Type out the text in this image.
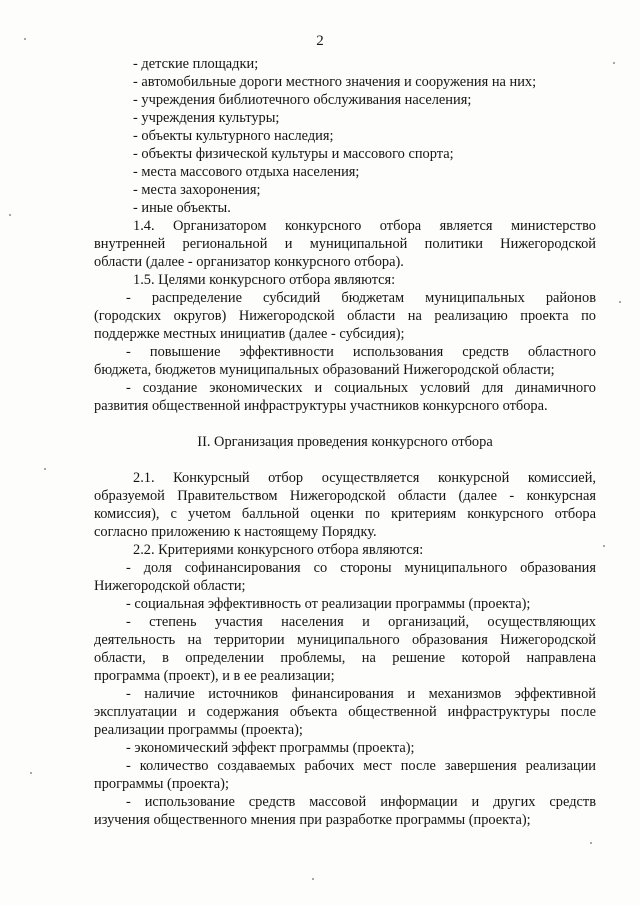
2
- детские площадки;
- автомобильные дороги местного значения и сооружения на них;
- учреждения библиотечного обслуживания населения;
- учреждения культуры;
- объекты культурного наследия;
- объекты физической культуры и массового спорта;
- места массового отдыха населения;
- места захоронения;
- иные объекты.
1.4. Организатором конкурсного отбора является министерство
внутренней региональной и муниципальной политики Нижегородской
области (далее - организатор конкурсного отбора).
1.5. Целями конкурсного отбора являются:
- распределение субсидий бюджетам муниципальных районов
(городских округов) Нижегородской области на реализацию проекта по
поддержке местных инициатив (далее - субсидия);
- повышение эффективности использования средств областного
бюджета, бюджетов муниципальных образований Нижегородской области;
- создание экономических и социальных условий для динамичного
развития общественной инфраструктуры участников конкурсного отбора.
II. Организация проведения конкурсного отбора
2.1. Конкурсный отбор осуществляется конкурсной комиссией,
образуемой Правительством Нижегородской области (далее - конкурсная
комиссия), с учетом балльной оценки по критериям конкурсного отбора
согласно приложению к настоящему Порядку.
2.2. Критериями конкурсного отбора являются:
- доля софинансирования со стороны муниципального образования
Нижегородской области;
- социальная эффективность от реализации программы (проекта);
- степень участия населения и организаций, осуществляющих
деятельность на территории муниципального образования Нижегородской
области, в определении проблемы, на решение которой направлена
программа (проект), и в ее реализации;
- наличие источников финансирования и механизмов эффективной
эксплуатации и содержания объекта общественной инфраструктуры после
реализации программы (проекта);
- экономический эффект программы (проекта);
- количество создаваемых рабочих мест после завершения реализации
программы (проекта);
- использование средств массовой информации и других средств
изучения общественного мнения при разработке программы (проекта);
